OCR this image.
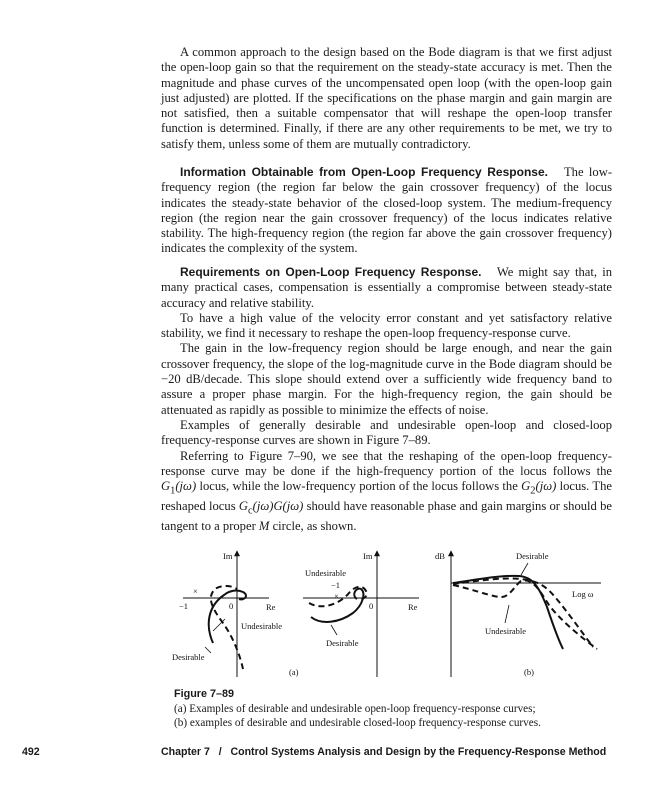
A common approach to the design based on the Bode diagram is that we first adjust the open-loop gain so that the requirement on the steady-state accuracy is met. Then the magnitude and phase curves of the uncompensated open loop (with the open-loop gain just adjusted) are plotted. If the specifications on the phase margin and gain margin are not satisfied, then a suitable compensator that will reshape the open-loop transfer function is determined. Finally, if there are any other requirements to be met, we try to satisfy them, unless some of them are mutually contradictory.

Information Obtainable from Open-Loop Frequency Response. The low-frequency region (the region far below the gain crossover frequency) of the locus indicates the steady-state behavior of the closed-loop system. The medium-frequency region (the region near the gain crossover frequency) of the locus indicates relative stability. The high-frequency region (the region far above the gain crossover frequency) indicates the complexity of the system.

Requirements on Open-Loop Frequency Response. We might say that, in many practical cases, compensation is essentially a compromise between steady-state accuracy and relative stability.

To have a high value of the velocity error constant and yet satisfactory relative stability, we find it necessary to reshape the open-loop frequency-response curve.

The gain in the low-frequency region should be large enough, and near the gain crossover frequency, the slope of the log-magnitude curve in the Bode diagram should be −20 dB/decade. This slope should extend over a sufficiently wide frequency band to assure a proper phase margin. For the high-frequency region, the gain should be attenuated as rapidly as possible to minimize the effects of noise.

Examples of generally desirable and undesirable open-loop and closed-loop frequency-response curves are shown in Figure 7–89.

Referring to Figure 7–90, we see that the reshaping of the open-loop frequency-response curve may be done if the high-frequency portion of the locus follows the $G_1(j\omega)$ locus, while the low-frequency portion of the locus follows the $G_2(j\omega)$ locus. The reshaped locus $G_c(j\omega)G(j\omega)$ should have reasonable phase and gain margins or should be tangent to a proper M circle, as shown.

Im
Re
0
−1
×
Undesirable
Desirable
Im
Re
0
Undesirable
−1
×
Desirable
(a)
dB
Log ω
Desirable
Undesirable
(b)
Figure 7–89
(a) Examples of desirable and undesirable open-loop frequency-response curves;
(b) examples of desirable and undesirable closed-loop frequency-response curves.
492	Chapter 7   /   Control Systems Analysis and Design by the Frequency-Response Method
